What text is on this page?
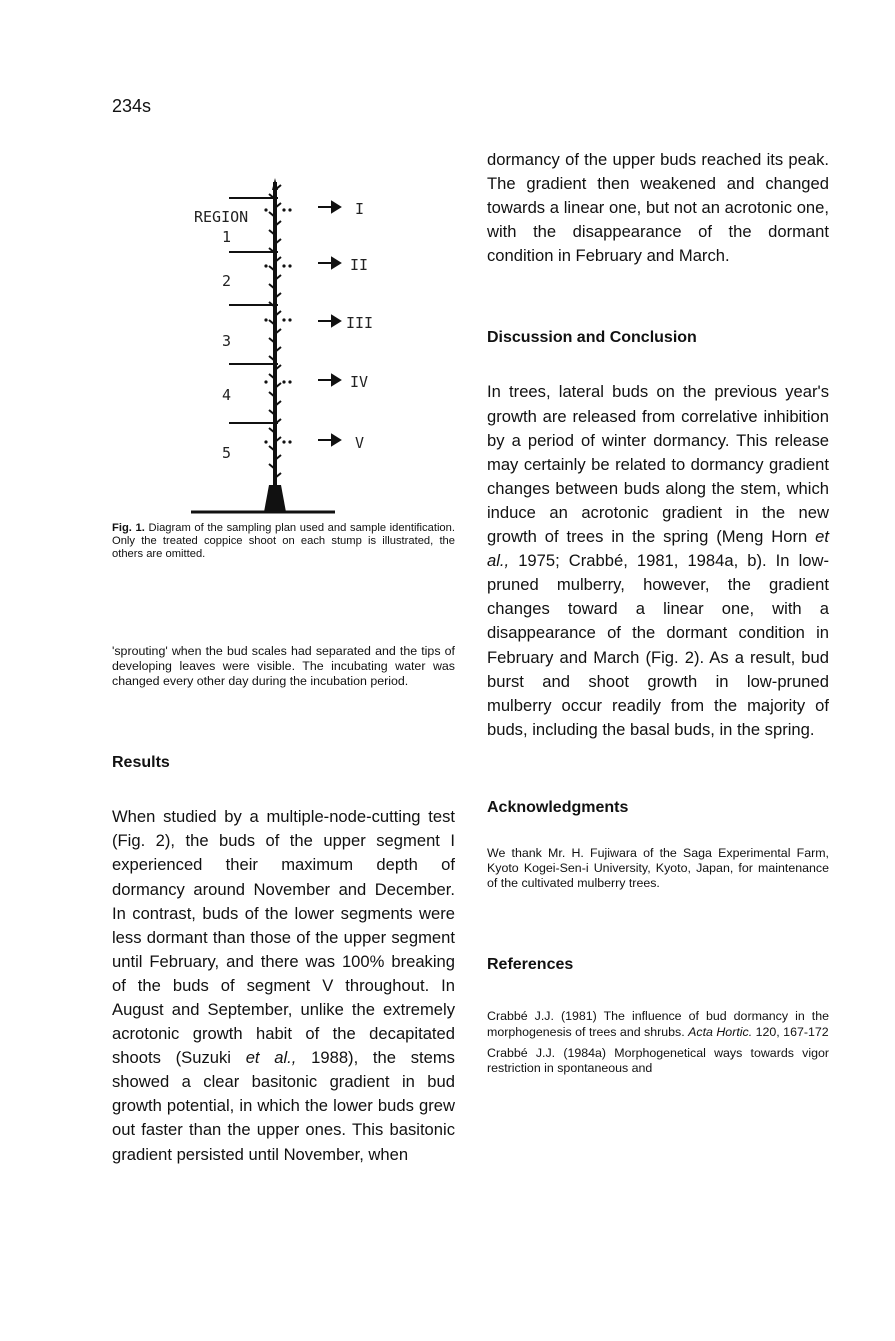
234s
REGION
1
2
3
4
5
I
II
III
IV
V

Fig. 1. Diagram of the sampling plan used and sample identification. Only the treated coppice shoot on each stump is illustrated, the others are omitted.

'sprouting' when the bud scales had separated and the tips of developing leaves were visible. The incubating water was changed every other day during the incubation period.

Results

When studied by a multiple-node-cutting test (Fig. 2), the buds of the upper segment I experienced their maximum depth of dormancy around November and December. In contrast, buds of the lower segments were less dormant than those of the upper segment until February, and there was 100% breaking of the buds of segment V throughout. In August and September, unlike the extremely acrotonic growth habit of the decapitated shoots (Suzuki et al., 1988), the stems showed a clear basitonic gradient in bud growth potential, in which the lower buds grew out faster than the upper ones. This basitonic gradient persisted until November, when

dormancy of the upper buds reached its peak. The gradient then weakened and changed towards a linear one, but not an acrotonic one, with the disappearance of the dormant condition in February and March.

Discussion and Conclusion

In trees, lateral buds on the previous year's growth are released from correlative inhibition by a period of winter dormancy. This release may certainly be related to dormancy gradient changes between buds along the stem, which induce an acrotonic gradient in the new growth of trees in the spring (Meng Horn et al., 1975; Crabbé, 1981, 1984a, b). In low-pruned mulberry, however, the gradient changes toward a linear one, with a disappearance of the dormant condition in February and March (Fig. 2). As a result, bud burst and shoot growth in low-pruned mulberry occur readily from the majority of buds, including the basal buds, in the spring.

Acknowledgments

We thank Mr. H. Fujiwara of the Saga Experimental Farm, Kyoto Kogei-Sen-i University, Kyoto, Japan, for maintenance of the cultivated mulberry trees.

References

Crabbé J.J. (1981) The influence of bud dormancy in the morphogenesis of trees and shrubs. Acta Hortic. 120, 167-172

Crabbé J.J. (1984a) Morphogenetical ways towards vigor restriction in spontaneous and
